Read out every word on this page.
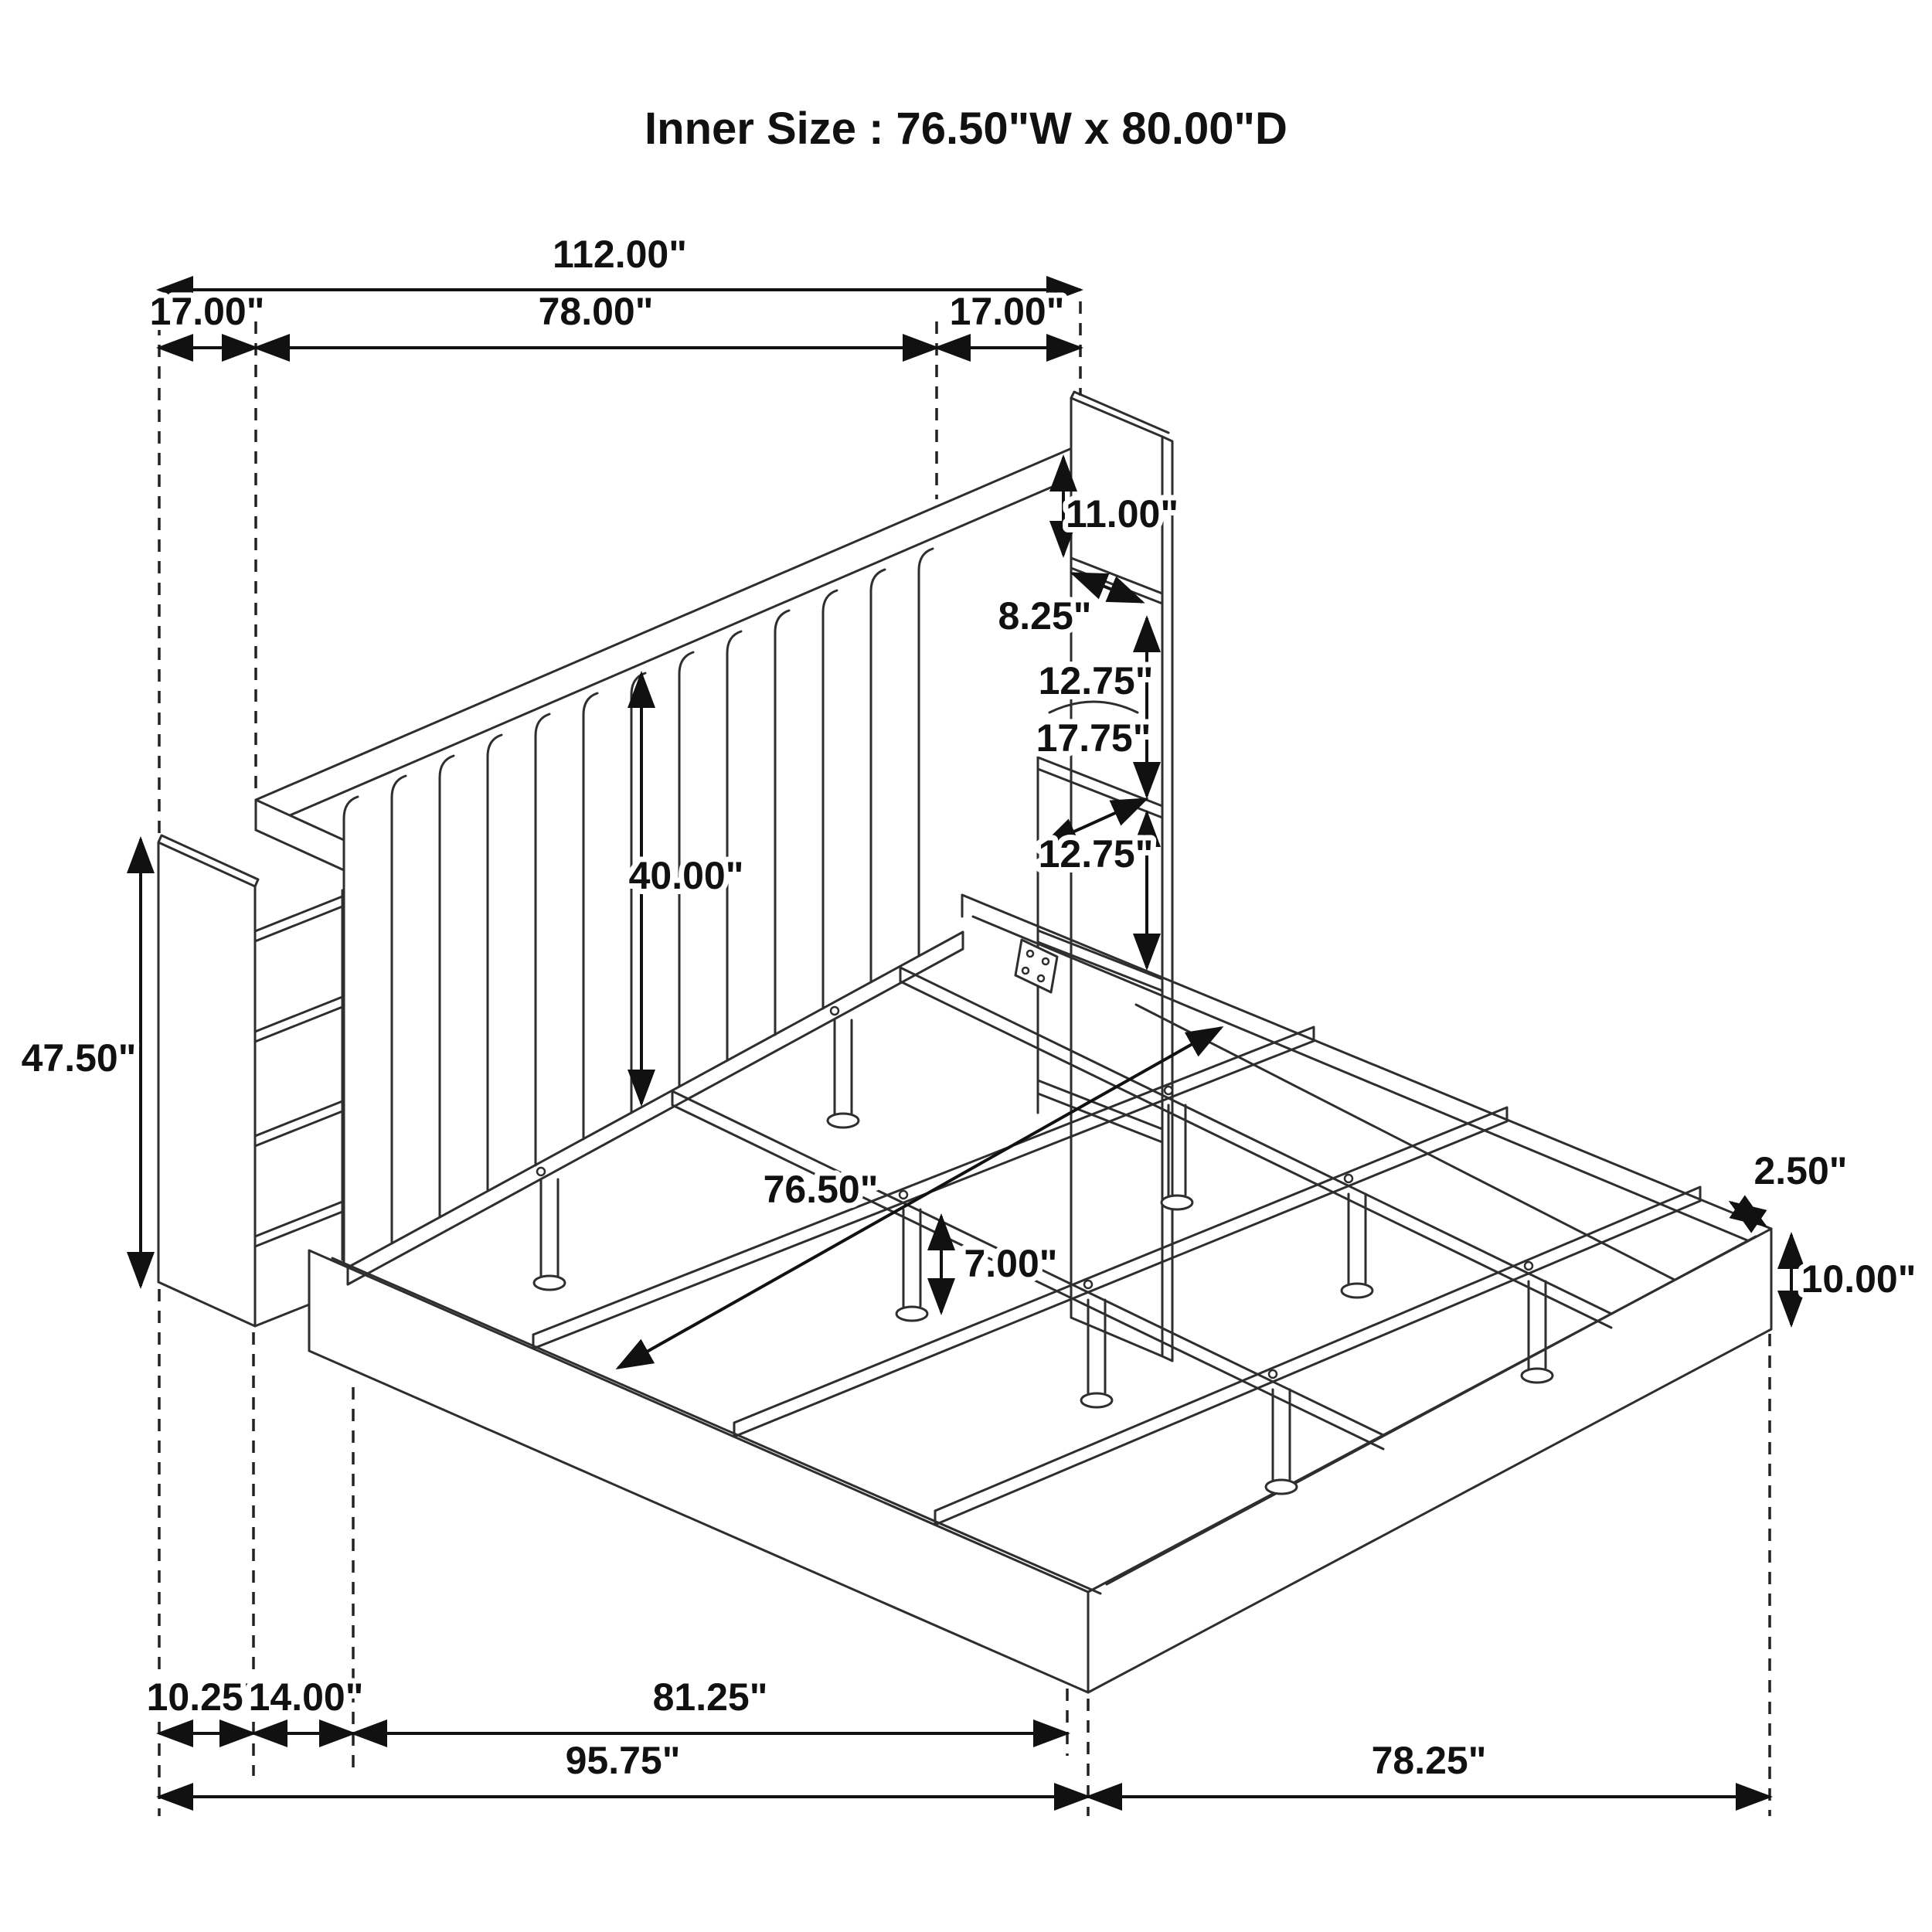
Inner Size : 76.50"W x 80.00"D
112.00"
17.00"	78.00"	17.00"
47.50"
40.00"
11.00"
8.25"
12.75"
17.75"
12.75"
76.50"
7.00"
2.50"
10.00"
10.25"
14.00"	81.25"
95.75"	78.25"
